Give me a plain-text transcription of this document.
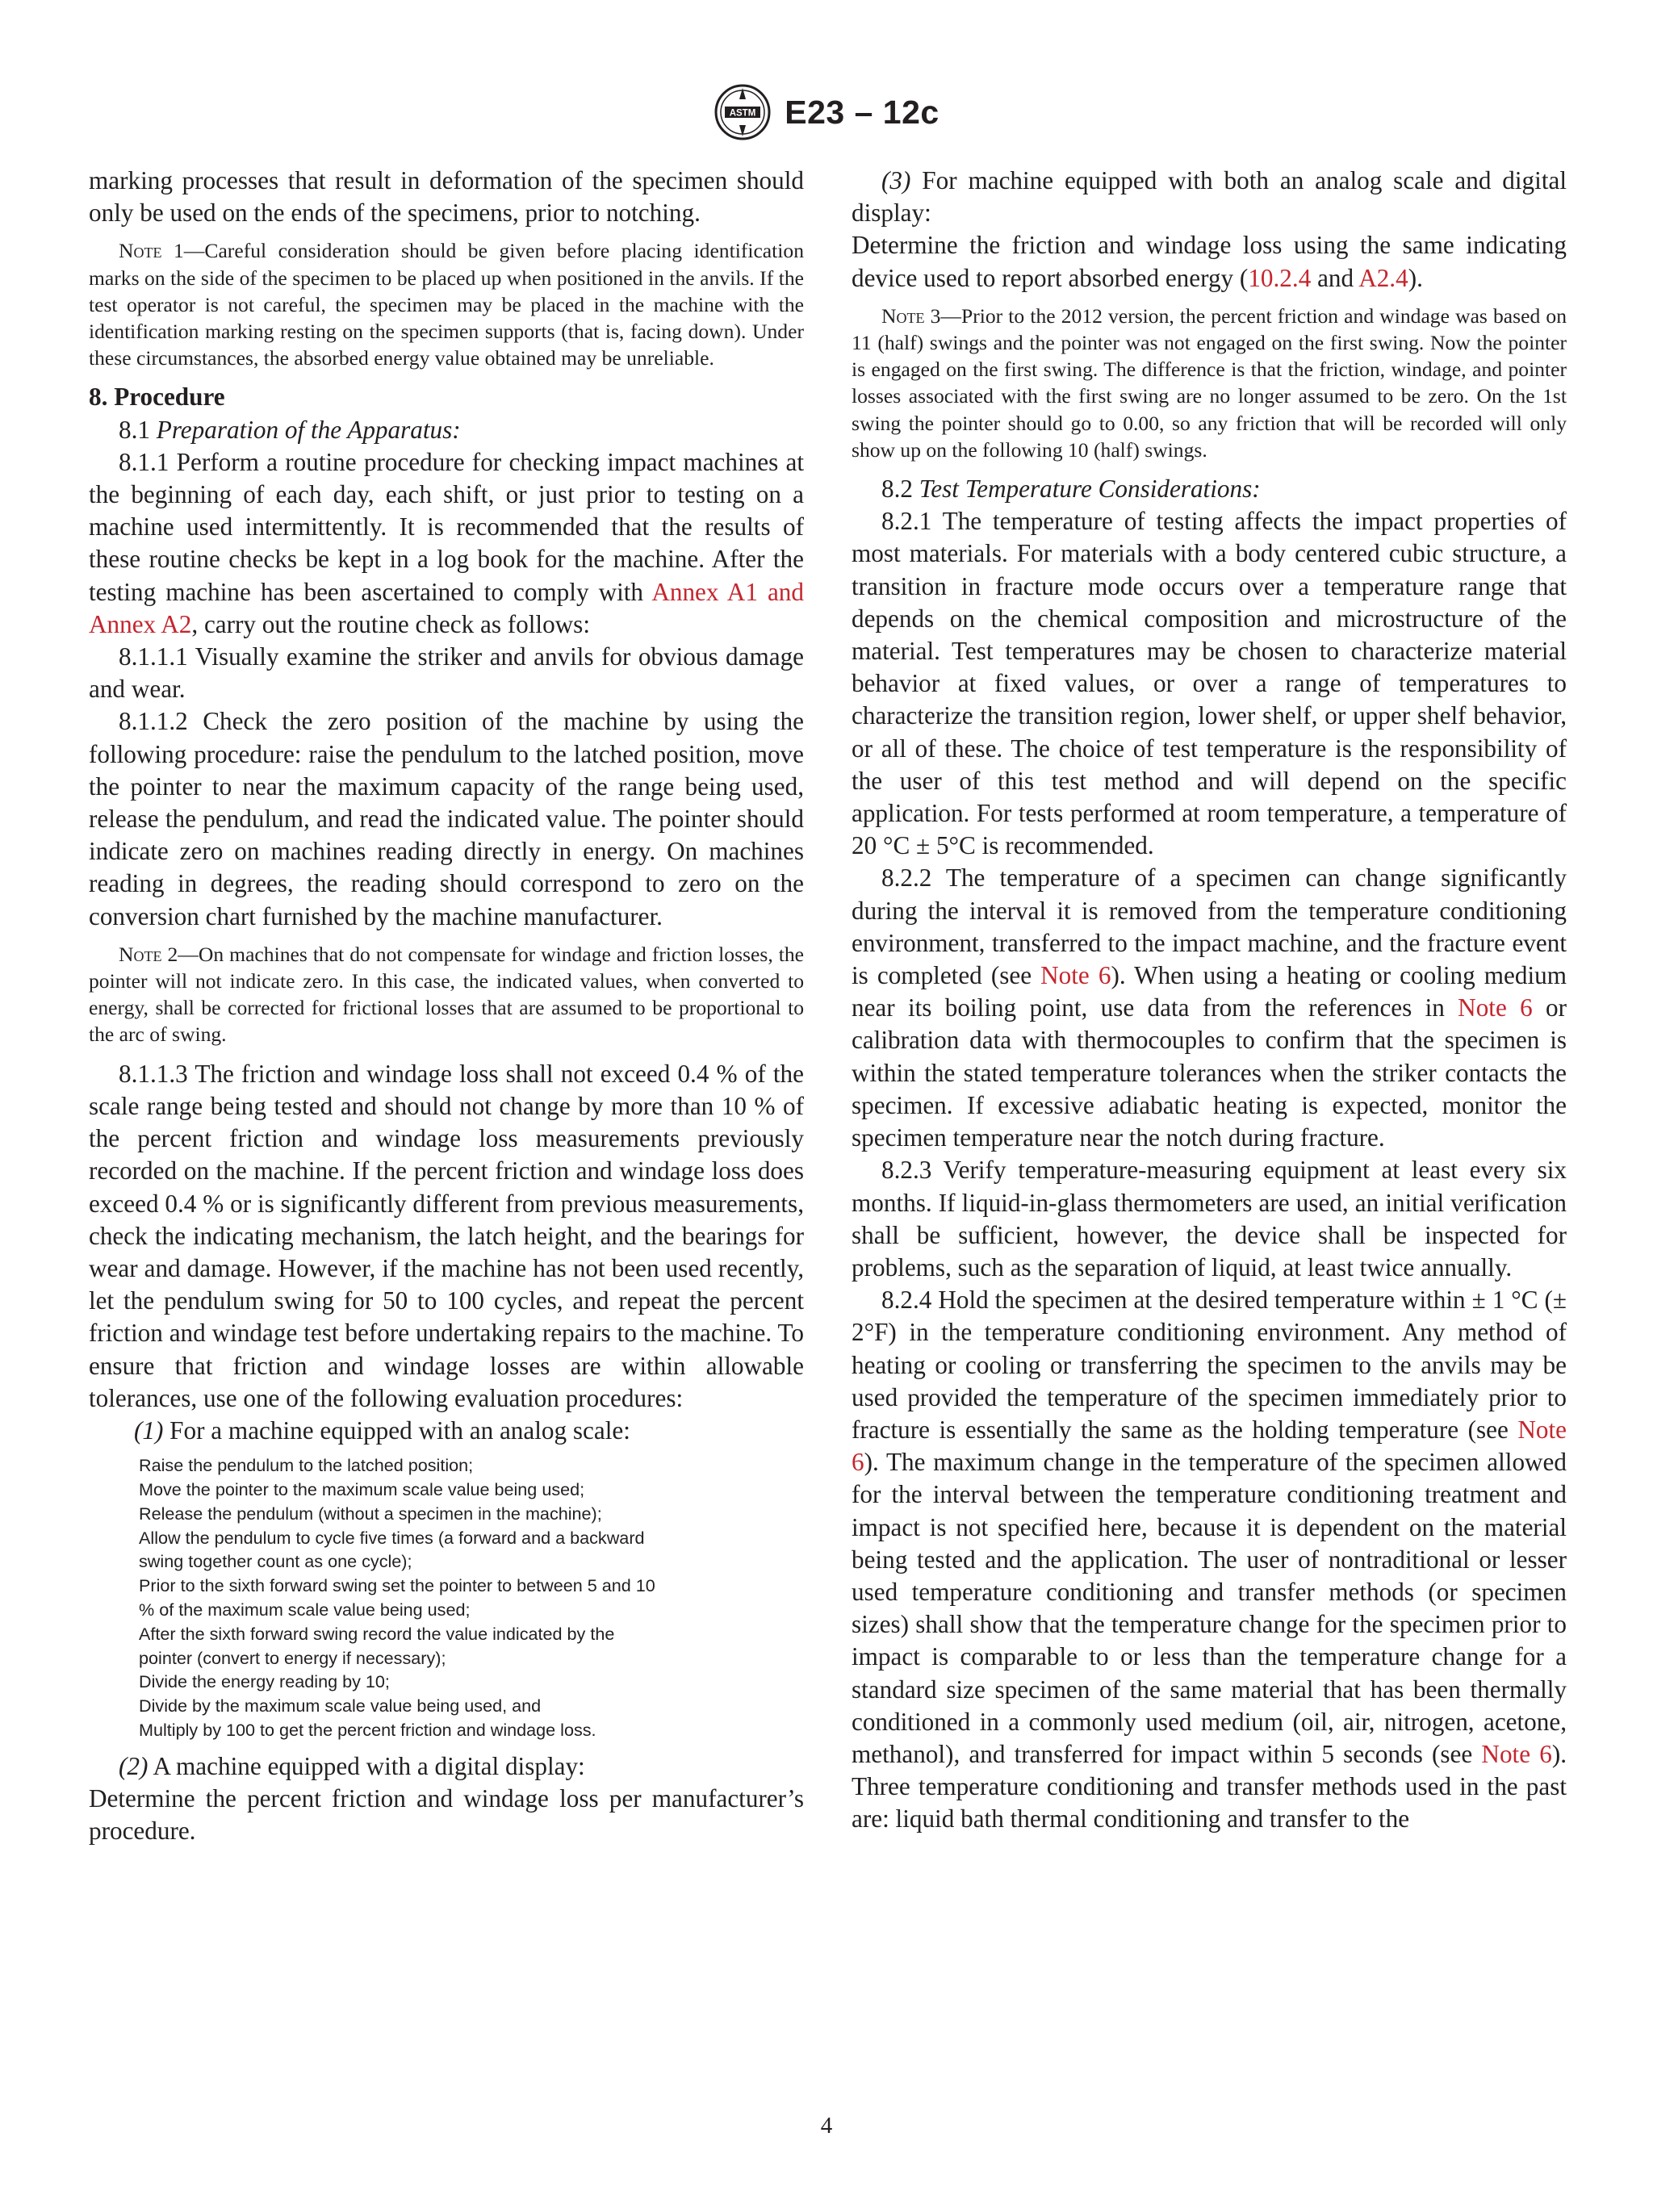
ASTM E23 – 12c

marking processes that result in deformation of the specimen should only be used on the ends of the specimens, prior to notching.

Note 1—Careful consideration should be given before placing identification marks on the side of the specimen to be placed up when positioned in the anvils. If the test operator is not careful, the specimen may be placed in the machine with the identification marking resting on the specimen supports (that is, facing down). Under these circumstances, the absorbed energy value obtained may be unreliable.

8. Procedure

8.1 Preparation of the Apparatus:

8.1.1 Perform a routine procedure for checking impact machines at the beginning of each day, each shift, or just prior to testing on a machine used intermittently. It is recommended that the results of these routine checks be kept in a log book for the machine. After the testing machine has been ascertained to comply with Annex A1 and Annex A2, carry out the routine check as follows:

8.1.1.1 Visually examine the striker and anvils for obvious damage and wear.

8.1.1.2 Check the zero position of the machine by using the following procedure: raise the pendulum to the latched position, move the pointer to near the maximum capacity of the range being used, release the pendulum, and read the indicated value. The pointer should indicate zero on machines reading directly in energy. On machines reading in degrees, the reading should correspond to zero on the conversion chart furnished by the machine manufacturer.

Note 2—On machines that do not compensate for windage and friction losses, the pointer will not indicate zero. In this case, the indicated values, when converted to energy, shall be corrected for frictional losses that are assumed to be proportional to the arc of swing.

8.1.1.3 The friction and windage loss shall not exceed 0.4 % of the scale range being tested and should not change by more than 10 % of the percent friction and windage loss measurements previously recorded on the machine. If the percent friction and windage loss does exceed 0.4 % or is significantly different from previous measurements, check the indicating mechanism, the latch height, and the bearings for wear and damage. However, if the machine has not been used recently, let the pendulum swing for 50 to 100 cycles, and repeat the percent friction and windage test before undertaking repairs to the machine. To ensure that friction and windage losses are within allowable tolerances, use one of the following evaluation procedures:

(1) For a machine equipped with an analog scale:

Raise the pendulum to the latched position;
Move the pointer to the maximum scale value being used;
Release the pendulum (without a specimen in the machine);
Allow the pendulum to cycle five times (a forward and a backward
swing together count as one cycle);
Prior to the sixth forward swing set the pointer to between 5 and 10
% of the maximum scale value being used;
After the sixth forward swing record the value indicated by the
pointer (convert to energy if necessary);
Divide the energy reading by 10;
Divide by the maximum scale value being used, and
Multiply by 100 to get the percent friction and windage loss.

(2) A machine equipped with a digital display:

Determine the percent friction and windage loss per manufacturer’s procedure.

(3) For machine equipped with both an analog scale and digital display:

Determine the friction and windage loss using the same indicating device used to report absorbed energy (10.2.4 and A2.4).

Note 3—Prior to the 2012 version, the percent friction and windage was based on 11 (half) swings and the pointer was not engaged on the first swing. Now the pointer is engaged on the first swing. The difference is that the friction, windage, and pointer losses associated with the first swing are no longer assumed to be zero. On the 1st swing the pointer should go to 0.00, so any friction that will be recorded will only show up on the following 10 (half) swings.

8.2 Test Temperature Considerations:

8.2.1 The temperature of testing affects the impact properties of most materials. For materials with a body centered cubic structure, a transition in fracture mode occurs over a temperature range that depends on the chemical composition and microstructure of the material. Test temperatures may be chosen to characterize material behavior at fixed values, or over a range of temperatures to characterize the transition region, lower shelf, or upper shelf behavior, or all of these. The choice of test temperature is the responsibility of the user of this test method and will depend on the specific application. For tests performed at room temperature, a temperature of 20 °C ± 5°C is recommended.

8.2.2 The temperature of a specimen can change significantly during the interval it is removed from the temperature conditioning environment, transferred to the impact machine, and the fracture event is completed (see Note 6). When using a heating or cooling medium near its boiling point, use data from the references in Note 6 or calibration data with thermocouples to confirm that the specimen is within the stated temperature tolerances when the striker contacts the specimen. If excessive adiabatic heating is expected, monitor the specimen temperature near the notch during fracture.

8.2.3 Verify temperature-measuring equipment at least every six months. If liquid-in-glass thermometers are used, an initial verification shall be sufficient, however, the device shall be inspected for problems, such as the separation of liquid, at least twice annually.

8.2.4 Hold the specimen at the desired temperature within ± 1 °C (± 2°F) in the temperature conditioning environment. Any method of heating or cooling or transferring the specimen to the anvils may be used provided the temperature of the specimen immediately prior to fracture is essentially the same as the holding temperature (see Note 6). The maximum change in the temperature of the specimen allowed for the interval between the temperature conditioning treatment and impact is not specified here, because it is dependent on the material being tested and the application. The user of nontraditional or lesser used temperature conditioning and transfer methods (or specimen sizes) shall show that the temperature change for the specimen prior to impact is comparable to or less than the temperature change for a standard size specimen of the same material that has been thermally conditioned in a commonly used medium (oil, air, nitrogen, acetone, methanol), and transferred for impact within 5 seconds (see Note 6). Three temperature conditioning and transfer methods used in the past are: liquid bath thermal conditioning and transfer to the

4
